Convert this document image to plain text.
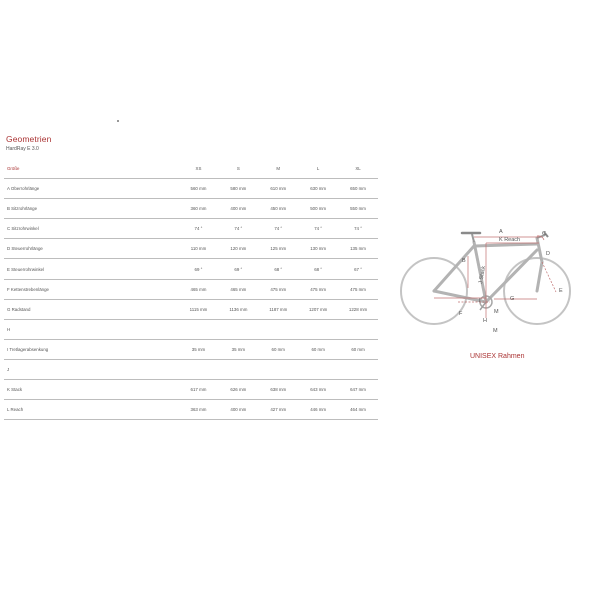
Geometrien
HardRay E 3.0
Größe	XS	S	M	L	XL
A Oberrohrlänge	560 mm	580 mm	610 mm	630 mm	650 mm
B Sitzrohrlänge	360 mm	400 mm	450 mm	500 mm	550 mm
C Sitzrohrwinkel	74 °	74 °	74 °	74 °	74 °
D Steuerrohrlänge	110 mm	120 mm	125 mm	130 mm	135 mm
E Steuerrohrwinkel	69 °	69 °	68 °	68 °	67 °
F Kettenstrebenlänge	465 mm	465 mm	475 mm	475 mm	475 mm
G Radstand	1115 mm	1136 mm	1187 mm	1207 mm	1228 mm
H					
I Tretlagerabsenkung	35 mm	35 mm	60 mm	60 mm	60 mm
J					
K Stack	617 mm	626 mm	638 mm	643 mm	647 mm
L Reach	363 mm	400 mm	427 mm	446 mm	464 mm
A
B
C
D
E
F
G
I
M
H
M
K Reach
J Stack
UNISEX Rahmen
